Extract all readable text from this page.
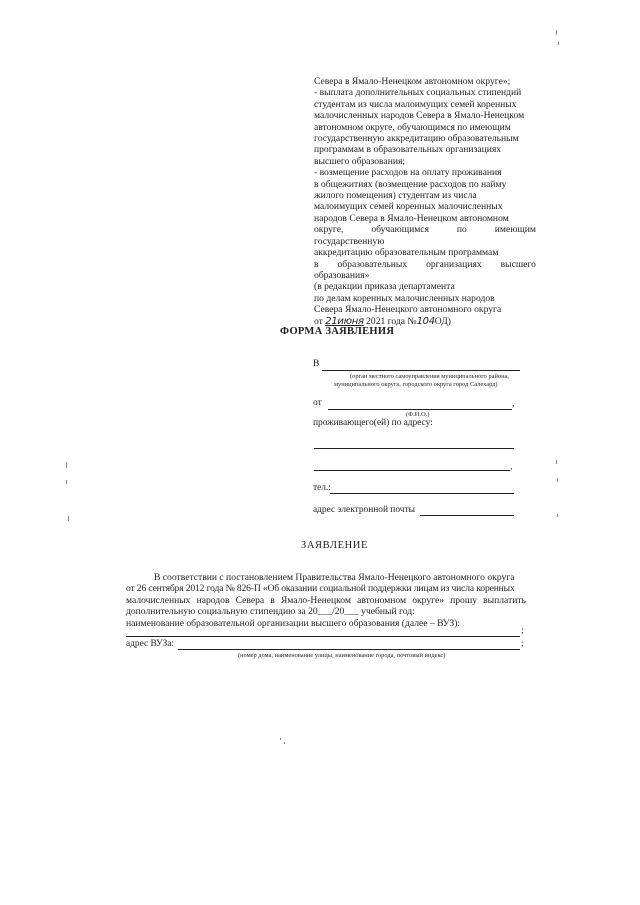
Севера в Ямало-Ненецком автономном округе»;
- выплата дополнительных социальных стипендий
студентам из числа малоимущих семей коренных
малочисленных народов Севера в Ямало-Ненецком
автономном округе, обучающимся по имеющим
государственную аккредитацию образовательным
программам в образовательных организациях
высшего образования;
- возмещение расходов на оплату проживания
в общежитиях (возмещение расходов по найму
жилого помещения) студентам из числа
малоимущих семей коренных малочисленных
народов Севера в Ямало-Ненецком автономном
округе,	обучающимся	по	имеющим
государственную
аккредитацию образовательным программам
в образовательных организациях высшего
образования»
(в редакции приказа департамента
по делам коренных малочисленных народов
Севера Ямало-Ненецкого автономного округа
от 21июня 2021 года №104ОД)
ФОРМА ЗАЯВЛЕНИЯ
В
(орган местного самоуправления муниципального района,
муниципального округа, городского округа город Салехард)
от	,
(Ф.И.О.)
проживающего(ей) по адресу:
,
тел.:
адрес электронной почты
ЗАЯВЛЕНИЕ
В соответствии с постановлением Правительства Ямало-Ненецкого автономного округа
от 26 сентября 2012 года № 826-П «Об оказании социальной поддержки лицам из числа коренных
малочисленных народов Севера в Ямало-Ненецком автономном округе» прошу выплатить
дополнительную социальную стипендию за 20___/20___ учебный год:
наименование образовательной организации высшего образования (далее – ВУЗ):
;
адрес ВУЗа:	;
(номер дома, наименование улицы, наименование города, почтовый индекс)
